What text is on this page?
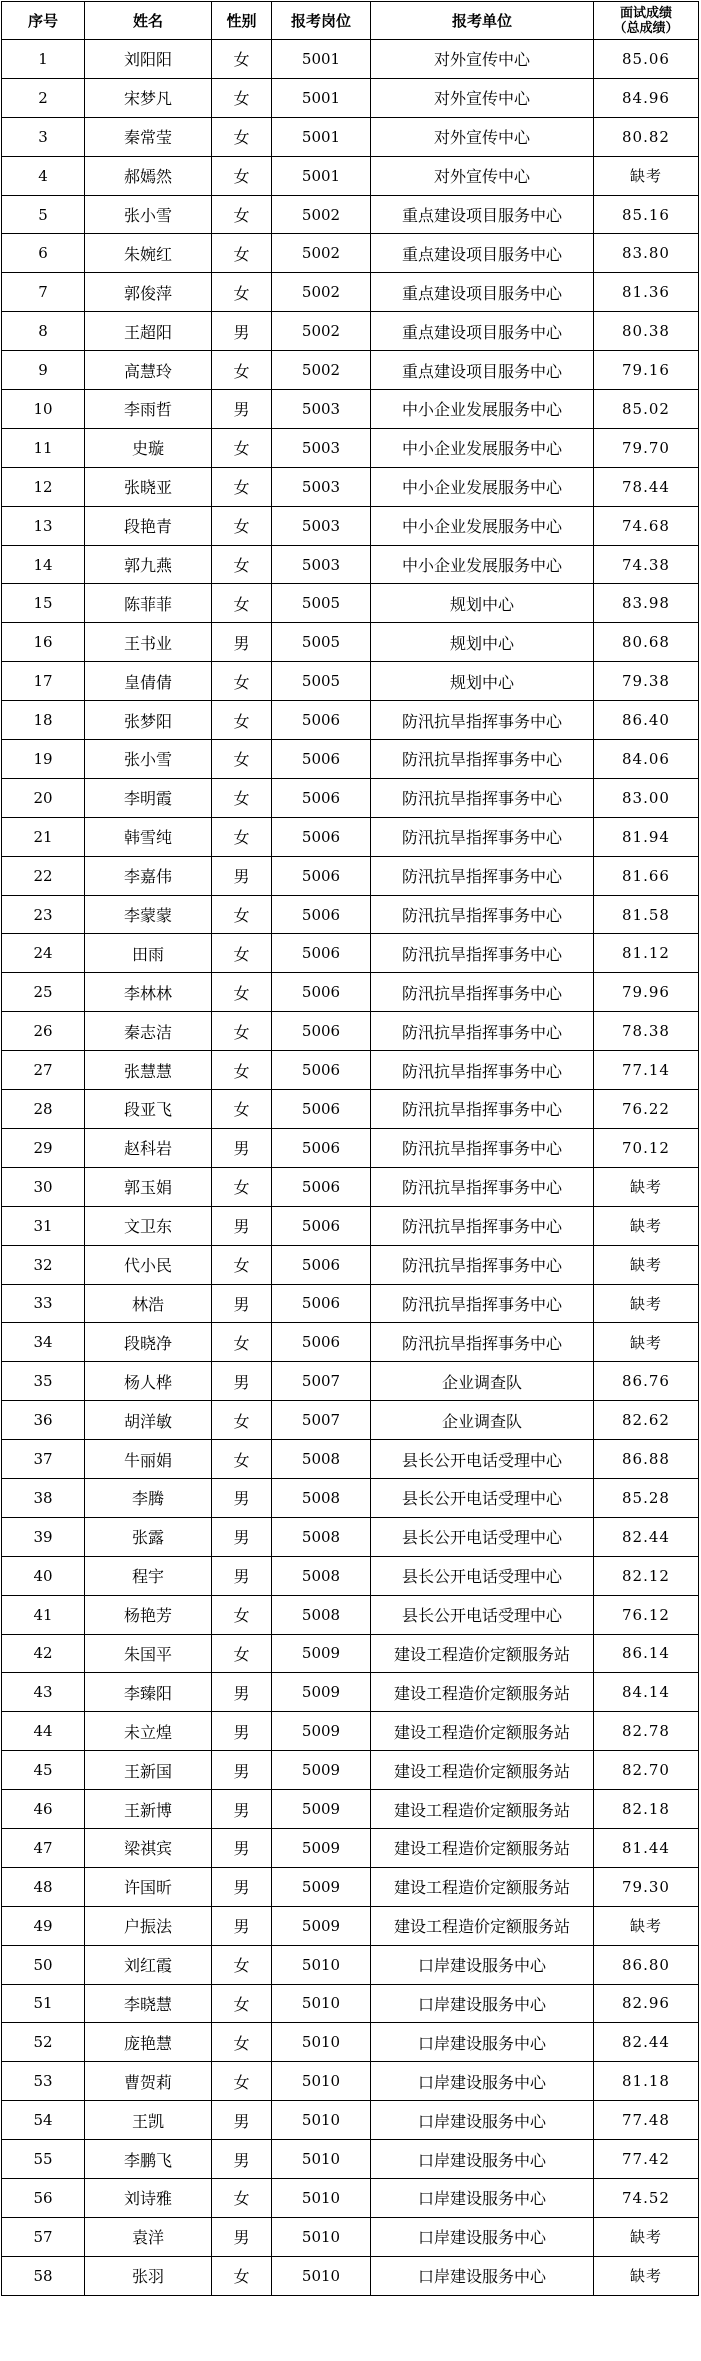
序号	姓名	性别	报考岗位	报考单位	面试成绩
（总成绩）

1	刘阳阳	女	5001	对外宣传中心	85.06
2	宋梦凡	女	5001	对外宣传中心	84.96
3	秦常莹	女	5001	对外宣传中心	80.82
4	郝嫣然	女	5001	对外宣传中心	缺考
5	张小雪	女	5002	重点建设项目服务中心	85.16
6	朱婉红	女	5002	重点建设项目服务中心	83.80
7	郭俊萍	女	5002	重点建设项目服务中心	81.36
8	王超阳	男	5002	重点建设项目服务中心	80.38
9	高慧玲	女	5002	重点建设项目服务中心	79.16
10	李雨哲	男	5003	中小企业发展服务中心	85.02
11	史璇	女	5003	中小企业发展服务中心	79.70
12	张晓亚	女	5003	中小企业发展服务中心	78.44
13	段艳青	女	5003	中小企业发展服务中心	74.68
14	郭九燕	女	5003	中小企业发展服务中心	74.38
15	陈菲菲	女	5005	规划中心	83.98
16	王书业	男	5005	规划中心	80.68
17	皇倩倩	女	5005	规划中心	79.38
18	张梦阳	女	5006	防汛抗旱指挥事务中心	86.40
19	张小雪	女	5006	防汛抗旱指挥事务中心	84.06
20	李明霞	女	5006	防汛抗旱指挥事务中心	83.00
21	韩雪纯	女	5006	防汛抗旱指挥事务中心	81.94
22	李嘉伟	男	5006	防汛抗旱指挥事务中心	81.66
23	李蒙蒙	女	5006	防汛抗旱指挥事务中心	81.58
24	田雨	女	5006	防汛抗旱指挥事务中心	81.12
25	李林林	女	5006	防汛抗旱指挥事务中心	79.96
26	秦志洁	女	5006	防汛抗旱指挥事务中心	78.38
27	张慧慧	女	5006	防汛抗旱指挥事务中心	77.14
28	段亚飞	女	5006	防汛抗旱指挥事务中心	76.22
29	赵科岩	男	5006	防汛抗旱指挥事务中心	70.12
30	郭玉娟	女	5006	防汛抗旱指挥事务中心	缺考
31	文卫东	男	5006	防汛抗旱指挥事务中心	缺考
32	代小民	女	5006	防汛抗旱指挥事务中心	缺考
33	林浩	男	5006	防汛抗旱指挥事务中心	缺考
34	段晓净	女	5006	防汛抗旱指挥事务中心	缺考
35	杨人桦	男	5007	企业调查队	86.76
36	胡洋敏	女	5007	企业调查队	82.62
37	牛丽娟	女	5008	县长公开电话受理中心	86.88
38	李腾	男	5008	县长公开电话受理中心	85.28
39	张露	男	5008	县长公开电话受理中心	82.44
40	程宇	男	5008	县长公开电话受理中心	82.12
41	杨艳芳	女	5008	县长公开电话受理中心	76.12
42	朱国平	女	5009	建设工程造价定额服务站	86.14
43	李臻阳	男	5009	建设工程造价定额服务站	84.14
44	未立煌	男	5009	建设工程造价定额服务站	82.78
45	王新国	男	5009	建设工程造价定额服务站	82.70
46	王新博	男	5009	建设工程造价定额服务站	82.18
47	梁祺宾	男	5009	建设工程造价定额服务站	81.44
48	许国昕	男	5009	建设工程造价定额服务站	79.30
49	户振法	男	5009	建设工程造价定额服务站	缺考
50	刘红霞	女	5010	口岸建设服务中心	86.80
51	李晓慧	女	5010	口岸建设服务中心	82.96
52	庞艳慧	女	5010	口岸建设服务中心	82.44
53	曹贺莉	女	5010	口岸建设服务中心	81.18
54	王凯	男	5010	口岸建设服务中心	77.48
55	李鹏飞	男	5010	口岸建设服务中心	77.42
56	刘诗雅	女	5010	口岸建设服务中心	74.52
57	袁洋	男	5010	口岸建设服务中心	缺考
58	张羽	女	5010	口岸建设服务中心	缺考
